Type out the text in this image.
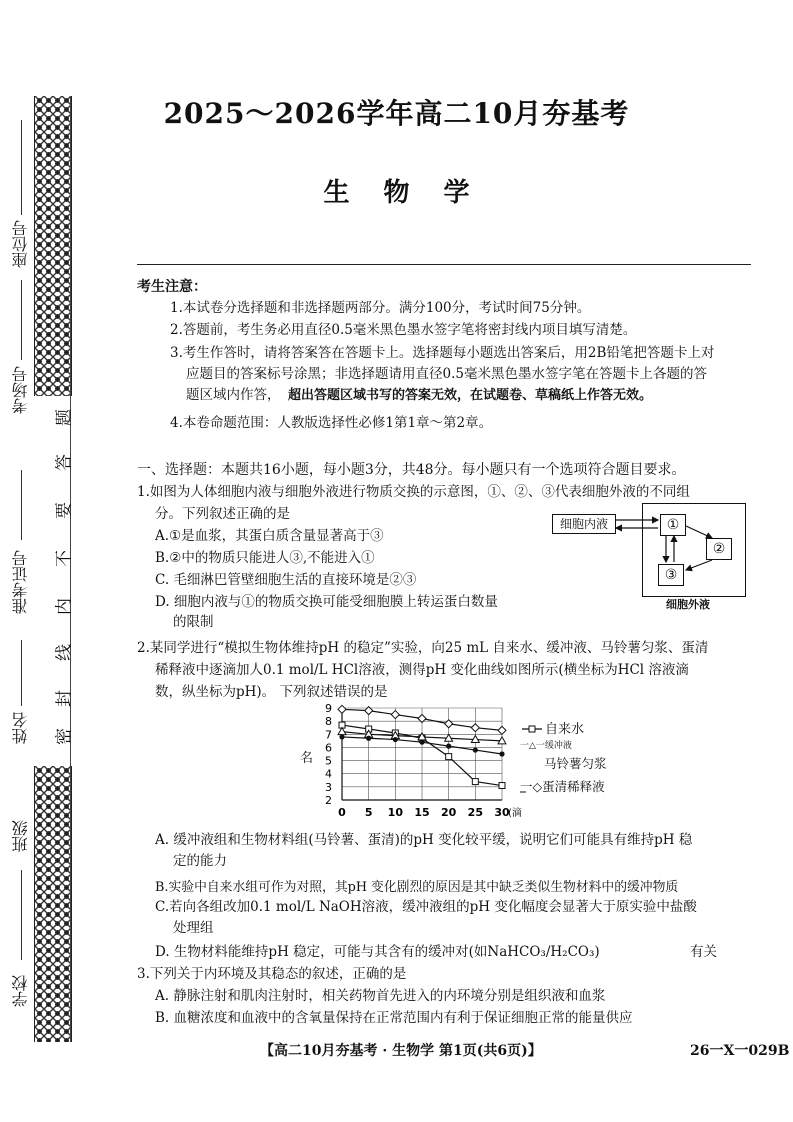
座位号
考场号
准考证号
姓名
班级
学校
题
答
要
不
内
线
封
密
2025～2026学年高二10月夯基考
生物学
考生注意：
1.本试卷分选择题和非选择题两部分。满分100分，考试时间75分钟。
2.答题前，考生务必用直径0.5毫米黑色墨水签字笔将密封线内项目填写清楚。
3.考生作答时，请将答案答在答题卡上。选择题每小题选出答案后，用2B铅笔把答题卡上对
应题目的答案标号涂黑；非选择题请用直径0.5毫米黑色墨水签字笔在答题卡上各题的答
题区域内作答， 超出答题区域书写的答案无效，在试题卷、草稿纸上作答无效。
4.本卷命题范围：人教版选择性必修1第1章～第2章。
一、选择题：本题共16小题，每小题3分，共48分。每小题只有一个选项符合题目要求。
1.如图为人体细胞内液与细胞外液进行物质交换的示意图，①、②、③代表细胞外液的不同组
分。下列叙述正确的是
A.①是血浆，其蛋白质含量显著高于③
B.②中的物质只能进人③,不能进入①
C. 毛细淋巴管壁细胞生活的直接环境是②③
D. 细胞内液与①的物质交换可能受细胞膜上转运蛋白数量
的限制
细胞内液	①
②
③
细胞外液
2.某同学进行“模拟生物体维持pH 的稳定”实验，向25 mL 自来水、缓冲液、马铃薯匀浆、蛋清
稀释液中逐滴加人0.1 mol/L HCl溶液，测得pH 变化曲线如图所示(横坐标为HCl 溶液滴
数，纵坐标为pH)。 下列叙述错误的是
2
3
4
5
6
7
8
9
0 5 10 15 20 25 30
(滴
名
自来水
一△一缓冲液
马铃薯匀浆
一◇蛋清稀释液
A. 缓冲液组和生物材料组(马铃薯、蛋清)的pH 变化较平缓，说明它们可能具有维持pH 稳
定的能力
B.实验中自来水组可作为对照，其pH 变化剧烈的原因是其中缺乏类似生物材料中的缓冲物质
C.若向各组改加0.1 mol/L NaOH溶液，缓冲液组的pH 变化幅度会显著大于原实验中盐酸
处理组
D. 生物材料能维持pH 稳定，可能与其含有的缓冲对(如NaHCO₃/H₂CO₃)	有关
3.下列关于内环境及其稳态的叙述，正确的是
A. 静脉注射和肌肉注射时，相关药物首先进入的内环境分别是组织液和血浆
B. 血糖浓度和血液中的含氧量保持在正常范围内有利于保证细胞正常的能量供应
【高二10月夯基考 · 生物学 第1页(共6页)】	26一X一029B
